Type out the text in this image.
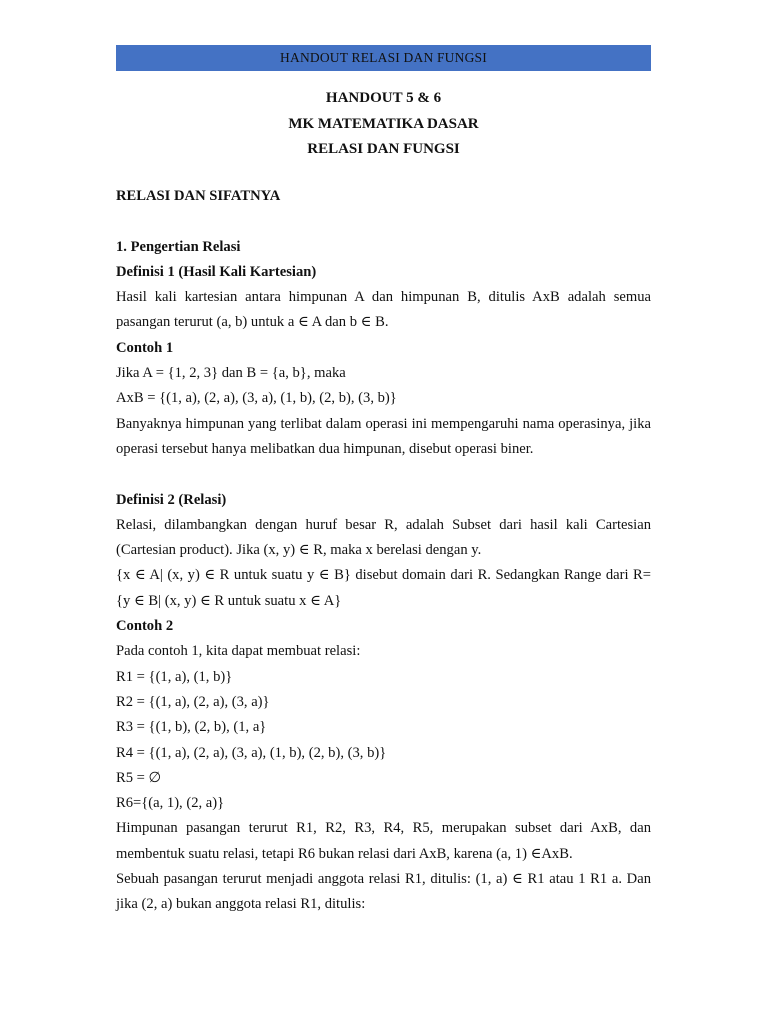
HANDOUT RELASI DAN FUNGSI
HANDOUT 5 & 6
MK MATEMATIKA DASAR
RELASI DAN FUNGSI

RELASI DAN SIFATNYA

1. Pengertian Relasi

Definisi 1 (Hasil Kali Kartesian)

Hasil kali kartesian antara himpunan A dan himpunan B, ditulis AxB adalah semua pasangan terurut (a, b) untuk a ∈ A dan b ∈ B.

Contoh 1

Jika A = {1, 2, 3} dan B = {a, b}, maka

AxB = {(1, a), (2, a), (3, a), (1, b), (2, b), (3, b)}

Banyaknya himpunan yang terlibat dalam operasi ini mempengaruhi nama operasinya, jika operasi tersebut hanya melibatkan dua himpunan, disebut operasi biner.

Definisi 2 (Relasi)

Relasi, dilambangkan dengan huruf besar R, adalah Subset dari hasil kali Cartesian (Cartesian product). Jika (x, y) ∈ R, maka x berelasi dengan y.

{x ∈ A| (x, y) ∈ R untuk suatu y ∈ B} disebut domain dari R. Sedangkan Range dari R= {y ∈ B| (x, y) ∈ R untuk suatu x ∈ A}

Contoh 2

Pada contoh 1, kita dapat membuat relasi:

R1 = {(1, a), (1, b)}

R2 = {(1, a), (2, a), (3, a)}

R3 = {(1, b), (2, b), (1, a}

R4 = {(1, a), (2, a), (3, a), (1, b), (2, b), (3, b)}

R5 = ∅

R6={(a, 1), (2, a)}

Himpunan pasangan terurut R1, R2, R3, R4, R5, merupakan subset dari AxB, dan membentuk suatu relasi, tetapi R6 bukan relasi dari AxB, karena (a, 1) ∈AxB.

Sebuah pasangan terurut menjadi anggota relasi R1, ditulis: (1, a) ∈ R1 atau 1 R1 a. Dan jika (2, a) bukan anggota relasi R1, ditulis:
